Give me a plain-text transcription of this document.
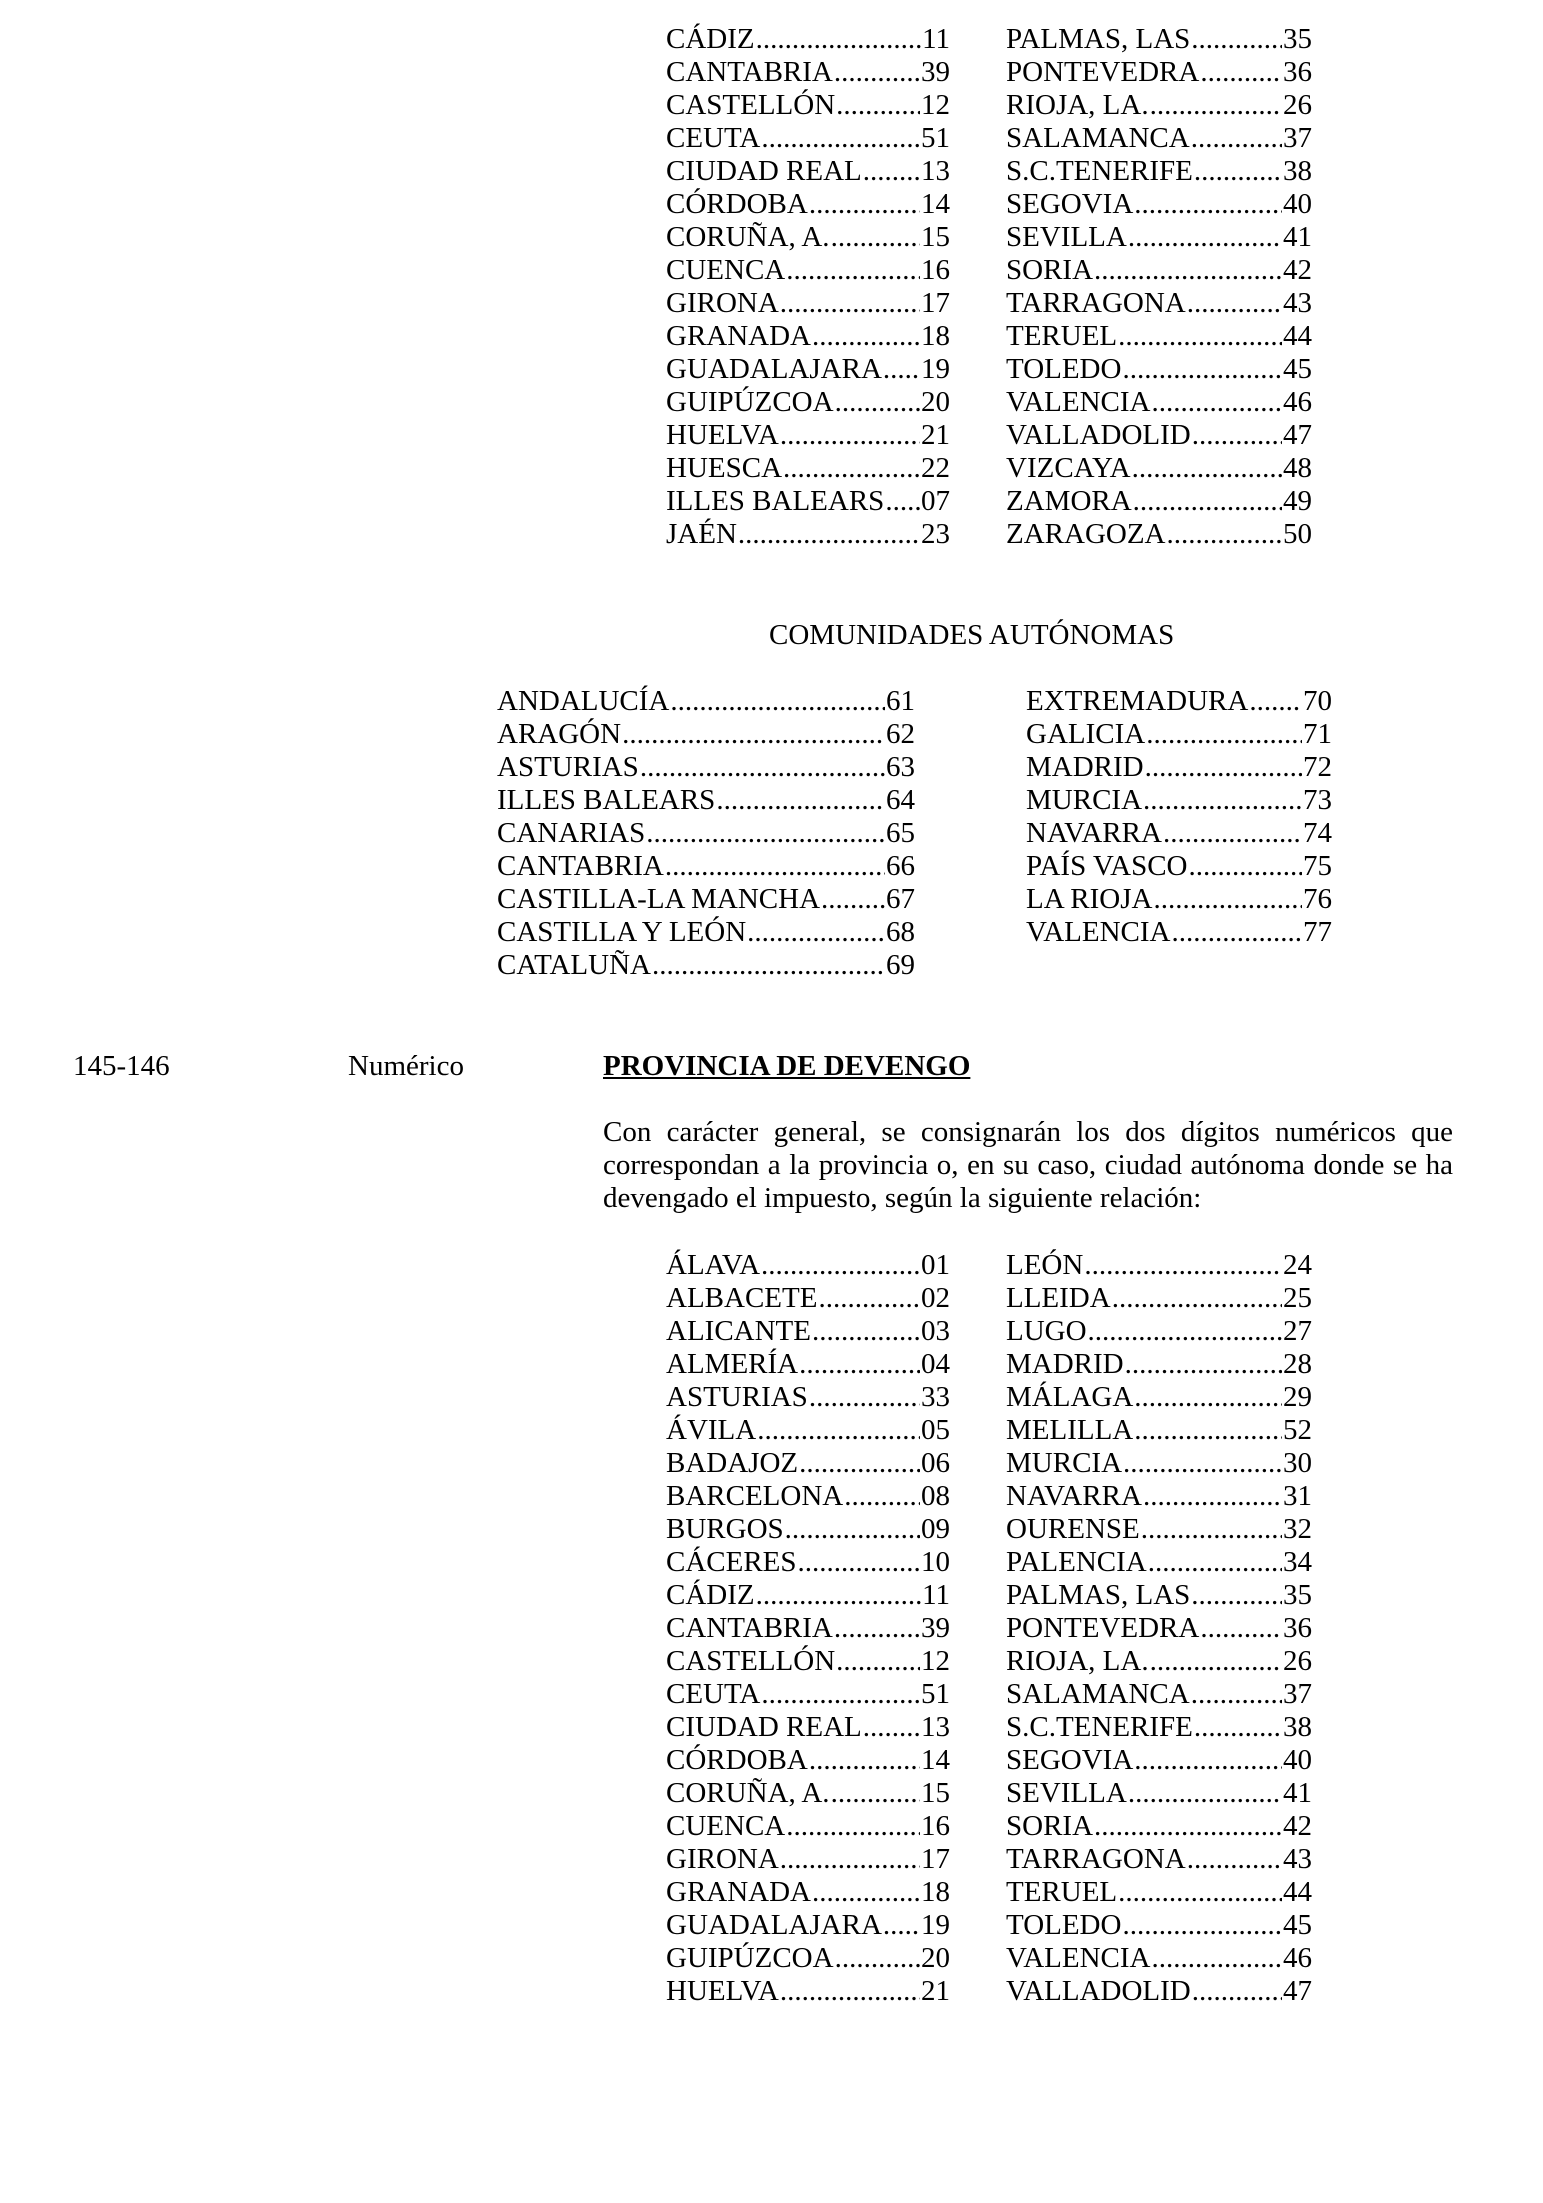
CÁDIZ .....	11
CANTABRIA .....	39
CASTELLÓN .....	12
CEUTA .....	51
CIUDAD REAL ..... 13
CÓRDOBA .....	14
CORUÑA, A. .....	15
CUENCA .....	16
GIRONA .....	17
GRANADA .....	18
GUADALAJARA ..... 19
GUIPÚZCOA .....	20
HUELVA .....	21
HUESCA .....	22
ILLES BALEARS ..... 07
JAÉN .....	23
PALMAS, LAS .....	35
PONTEVEDRA .....	36
RIOJA, LA. .....	26
SALAMANCA .....	37
S.C.TENERIFE .....	38
SEGOVIA .....	40
SEVILLA .....	41
SORIA .....	42
TARRAGONA .....	43
TERUEL .....	44
TOLEDO .....	45
VALENCIA .....	46
VALLADOLID .....	47
VIZCAYA .....	48
ZAMORA .....	49
ZARAGOZA .....	50
COMUNIDADES AUTÓNOMAS
ANDALUCÍA .....	61
ARAGÓN .....	62
ASTURIAS .....	63
ILLES BALEARS .....	64
CANARIAS .....	65
CANTABRIA .....	66
CASTILLA-LA MANCHA ..... 67
CASTILLA Y LEÓN .....	68
CATALUÑA .....	69
EXTREMADURA ..... 70
GALICIA .....	71
MADRID .....	72
MURCIA .....	73
NAVARRA .....	74
PAÍS VASCO .....	75
LA RIOJA .....	76
VALENCIA .....	77
145-146	Numérico	PROVINCIA DE DEVENGO
Con carácter general, se consignarán los dos dígitos numéricos que correspondan a la provincia o, en su caso, ciudad autónoma donde se ha devengado el impuesto, según la siguiente relación:
ÁLAVA .....	01
ALBACETE .....	02
ALICANTE .....	03
ALMERÍA .....	04
ASTURIAS .....	33
ÁVILA .....	05
BADAJOZ .....	06
BARCELONA .....	08
BURGOS .....	09
CÁCERES .....	10
CÁDIZ .....	11
CANTABRIA .....	39
CASTELLÓN .....	12
CEUTA .....	51
CIUDAD REAL ..... 13
CÓRDOBA .....	14
CORUÑA, A. .....	15
CUENCA .....	16
GIRONA .....	17
GRANADA .....	18
GUADALAJARA ..... 19
GUIPÚZCOA .....	20
HUELVA .....	21
LEÓN .....	24
LLEIDA .....	25
LUGO .....	27
MADRID .....	28
MÁLAGA .....	29
MELILLA .....	52
MURCIA .....	30
NAVARRA .....	31
OURENSE .....	32
PALENCIA .....	34
PALMAS, LAS .....	35
PONTEVEDRA .....	36
RIOJA, LA. .....	26
SALAMANCA .....	37
S.C.TENERIFE .....	38
SEGOVIA .....	40
SEVILLA .....	41
SORIA .....	42
TARRAGONA .....	43
TERUEL .....	44
TOLEDO .....	45
VALENCIA .....	46
VALLADOLID .....	47
